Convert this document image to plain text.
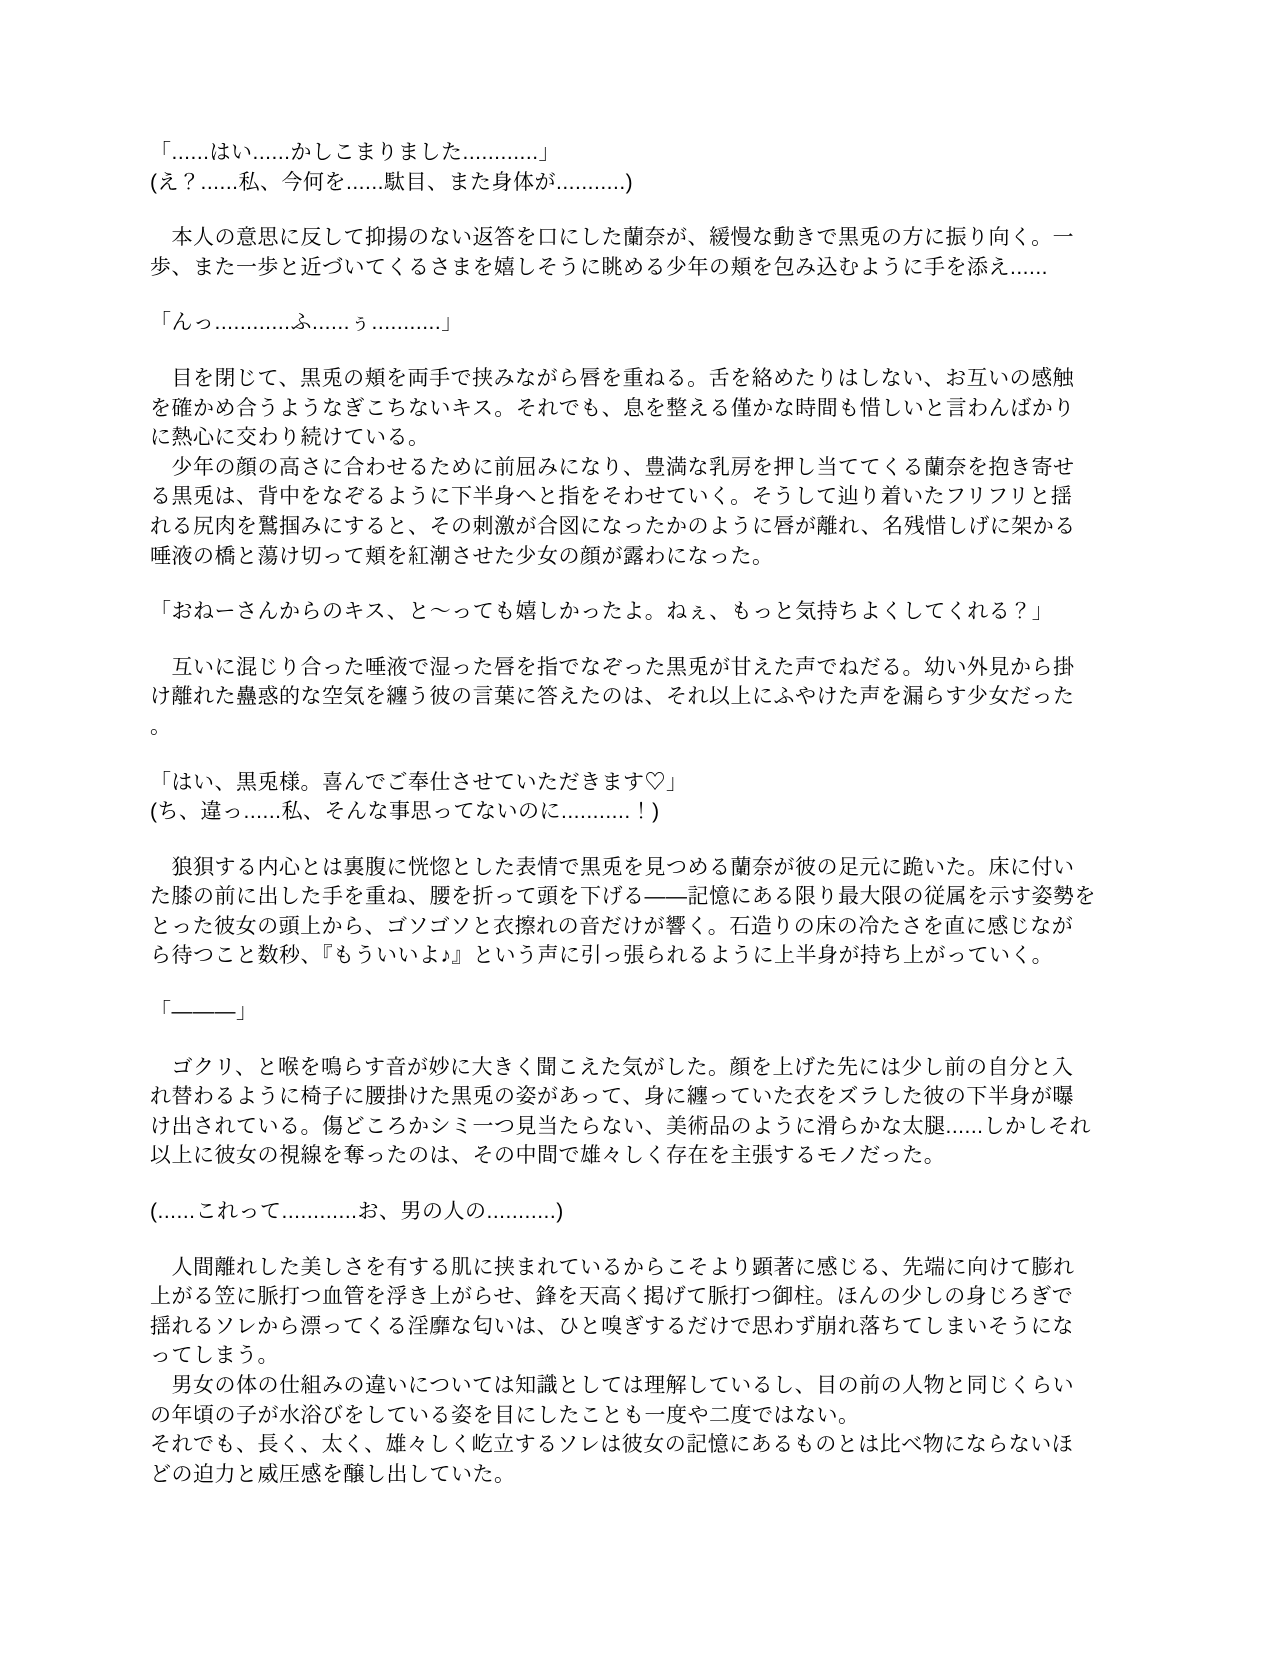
「......はい......かしこまりました............」
(え？......私、今何を......駄目、また身体が...........)
　本人の意思に反して抑揚のない返答を口にした蘭奈が、緩慢な動きで黒兎の方に振り向く。一
歩、また一歩と近づいてくるさまを嬉しそうに眺める少年の頬を包み込むように手を添え......
「んっ............ふ......ぅ...........」
　目を閉じて、黒兎の頬を両手で挟みながら唇を重ねる。舌を絡めたりはしない、お互いの感触
を確かめ合うようなぎこちないキス。それでも、息を整える僅かな時間も惜しいと言わんばかり
に熱心に交わり続けている。
　少年の顔の高さに合わせるために前屈みになり、豊満な乳房を押し当ててくる蘭奈を抱き寄せ
る黒兎は、背中をなぞるように下半身へと指をそわせていく。そうして辿り着いたフリフリと揺
れる尻肉を鷲掴みにすると、その刺激が合図になったかのように唇が離れ、名残惜しげに架かる
唾液の橋と蕩け切って頬を紅潮させた少女の顔が露わになった。
「おねーさんからのキス、と～っても嬉しかったよ。ねぇ、もっと気持ちよくしてくれる？」
　互いに混じり合った唾液で湿った唇を指でなぞった黒兎が甘えた声でねだる。幼い外見から掛
け離れた蠱惑的な空気を纏う彼の言葉に答えたのは、それ以上にふやけた声を漏らす少女だった
。
「はい、黒兎様。喜んでご奉仕させていただきます♡」
(ち、違っ......私、そんな事思ってないのに...........！)
　狼狽する内心とは裏腹に恍惚とした表情で黒兎を見つめる蘭奈が彼の足元に跪いた。床に付い
た膝の前に出した手を重ね、腰を折って頭を下げる——記憶にある限り最大限の従属を示す姿勢を
とった彼女の頭上から、ゴソゴソと衣擦れの音だけが響く。石造りの床の冷たさを直に感じなが
ら待つこと数秒、『もういいよ♪』という声に引っ張られるように上半身が持ち上がっていく。
「———」
　ゴクリ、と喉を鳴らす音が妙に大きく聞こえた気がした。顔を上げた先には少し前の自分と入
れ替わるように椅子に腰掛けた黒兎の姿があって、身に纏っていた衣をズラした彼の下半身が曝
け出されている。傷どころかシミ一つ見当たらない、美術品のように滑らかな太腿......しかしそれ
以上に彼女の視線を奪ったのは、その中間で雄々しく存在を主張するモノだった。
(......これって............お、男の人の...........)
　人間離れした美しさを有する肌に挟まれているからこそより顕著に感じる、先端に向けて膨れ
上がる笠に脈打つ血管を浮き上がらせ、鋒を天高く掲げて脈打つ御柱。ほんの少しの身じろぎで
揺れるソレから漂ってくる淫靡な匂いは、ひと嗅ぎするだけで思わず崩れ落ちてしまいそうにな
ってしまう。
　男女の体の仕組みの違いについては知識としては理解しているし、目の前の人物と同じくらい
の年頃の子が水浴びをしている姿を目にしたことも一度や二度ではない。
それでも、長く、太く、雄々しく屹立するソレは彼女の記憶にあるものとは比べ物にならないほ
どの迫力と威圧感を醸し出していた。
